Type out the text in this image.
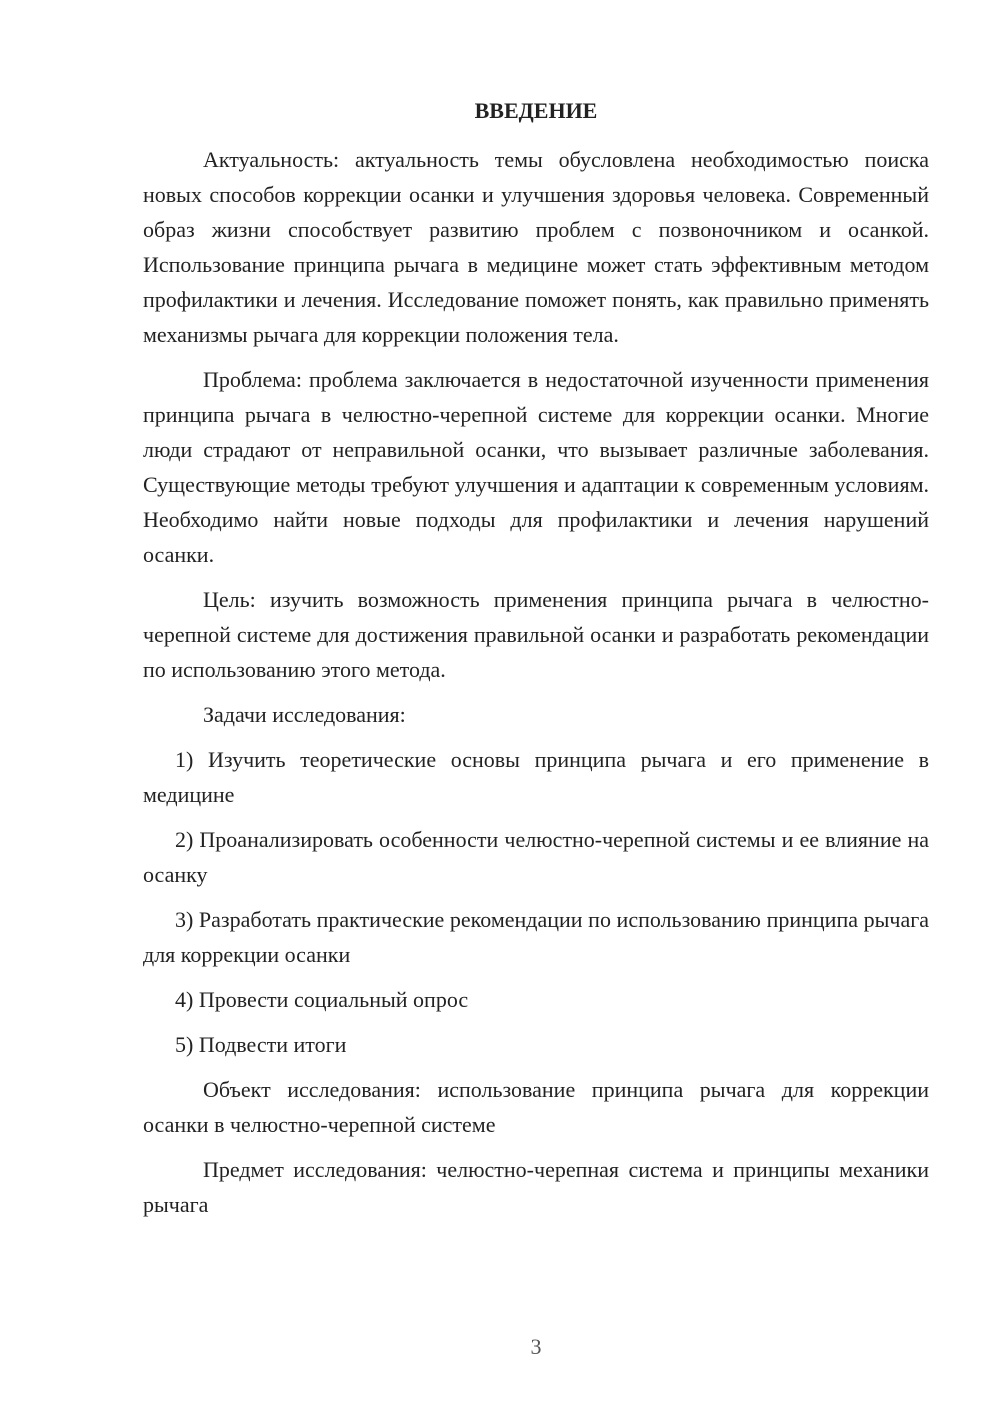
ВВЕДЕНИЕ

Актуальность: актуальность темы обусловлена необходимостью поиска новых способов коррекции осанки и улучшения здоровья человека. Современный образ жизни способствует развитию проблем с позвоночником и осанкой. Использование принципа рычага в медицине может стать эффективным методом профилактики и лечения. Исследование поможет понять, как правильно применять механизмы рычага для коррекции положения тела.

Проблема: проблема заключается в недостаточной изученности применения принципа рычага в челюстно-черепной системе для коррекции осанки. Многие люди страдают от неправильной осанки, что вызывает различные заболевания. Существующие методы требуют улучшения и адаптации к современным условиям. Необходимо найти новые подходы для профилактики и лечения нарушений осанки.

Цель: изучить возможность применения принципа рычага в челюстно-черепной системе для достижения правильной осанки и разработать рекомендации по использованию этого метода.

Задачи исследования:

1) Изучить теоретические основы принципа рычага и его применение в медицине

2) Проанализировать особенности челюстно-черепной системы и ее влияние на осанку

3) Разработать практические рекомендации по использованию принципа рычага для коррекции осанки

4) Провести социальный опрос

5) Подвести итоги

Объект исследования: использование принципа рычага для коррекции осанки в челюстно-черепной системе

Предмет исследования: челюстно-черепная система и принципы механики рычага

3
